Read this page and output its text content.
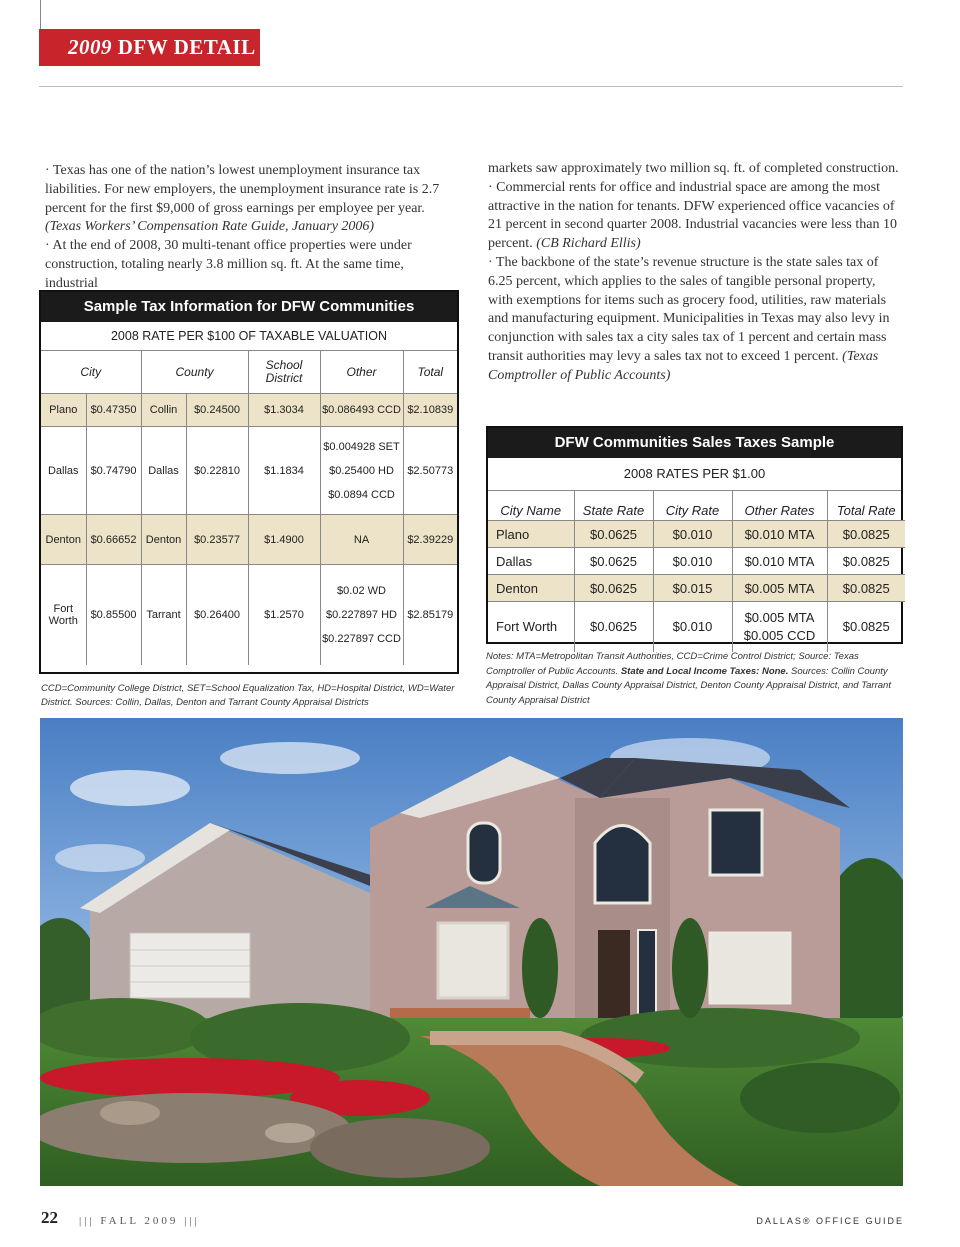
2009 DFW DETAIL

· Texas has one of the nation’s lowest unemployment insurance tax liabilities. For new employers, the unemployment insurance rate is 2.7 percent for the first $9,000 of gross earnings per employee per year. (Texas Workers’ Compensation Rate Guide, January 2006)

· At the end of 2008, 30 multi-tenant office properties were under construction, totaling nearly 3.8 million sq. ft. At the same time, industrial

markets saw approximately two million sq. ft. of completed construction.

· Commercial rents for office and industrial space are among the most attractive in the nation for tenants. DFW experienced office vacancies of 21 percent in second quarter 2008. Industrial vacancies were less than 10 percent. (CB Richard Ellis)

· The backbone of the state’s revenue structure is the state sales tax of 6.25 percent, which applies to the sales of tangible personal property, with exemptions for items such as grocery food, utilities, raw materials and manufacturing equipment. Municipalities in Texas may also levy in conjunction with sales tax a city sales tax of 1 percent and certain mass transit authorities may levy a sales tax not to exceed 1 percent. (Texas Comptroller of Public Accounts)

Sample Tax Information for DFW Communities
2008 RATE PER $100 OF TAXABLE VALUATION
City		County		School District	Other	Total
Plano	$0.47350	Collin	$0.24500	$1.3034	$0.086493 CCD	$2.10839
Dallas	$0.74790	Dallas	$0.22810	$1.1834	$0.004928 SET
$0.25400 HD
$0.0894 CCD	$2.50773
Denton	$0.66652	Denton	$0.23577	$1.4900	NA	$2.39229
Fort Worth	$0.85500	Tarrant	$0.26400	$1.2570	$0.02 WD
$0.227897 HD
$0.227897 CCD	$2.85179
CCD=Community College District, SET=School Equalization Tax, HD=Hospital District, WD=Water District. Sources: Collin, Dallas, Denton and Tarrant County Appraisal Districts
DFW Communities Sales Taxes Sample
2008 RATES PER $1.00
City Name	State Rate	City Rate	Other Rates	Total Rate
Plano	$0.0625	$0.010	$0.010 MTA	$0.0825
Dallas	$0.0625	$0.010	$0.010 MTA	$0.0825
Denton	$0.0625	$0.015	$0.005 MTA	$0.0825
Fort Worth	$0.0625	$0.010	$0.005 MTA
$0.005 CCD	$0.0825
Notes: MTA=Metropolitan Transit Authorities, CCD=Crime Control District; Source: Texas Comptroller of Public Accounts. State and Local Income Taxes: None. Sources: Collin County Appraisal District, Dallas County Appraisal District, Denton County Appraisal District, and Tarrant County Appraisal District
22 ||| FALL 2009 |||	DALLAS® OFFICE GUIDE
